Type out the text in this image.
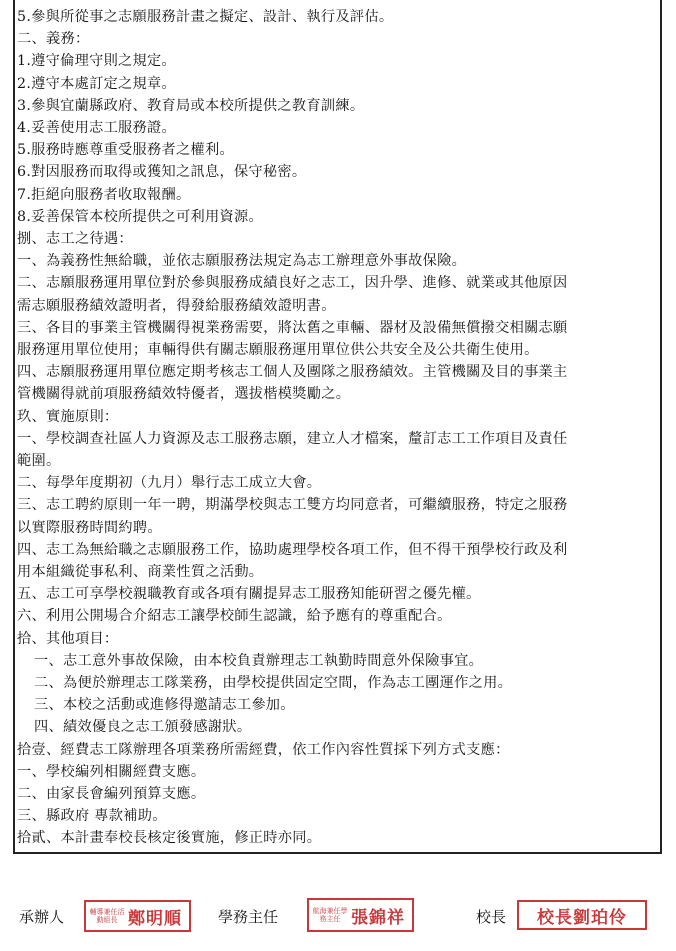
5.參與所從事之志願服務計畫之擬定、設計、執行及評估。
二、義務：
1.遵守倫理守則之規定。
2.遵守本處訂定之規章。
3.參與宜蘭縣政府、教育局或本校所提供之教育訓練。
4.妥善使用志工服務證。
5.服務時應尊重受服務者之權利。
6.對因服務而取得或獲知之訊息，保守秘密。
7.拒絕向服務者收取報酬。
8.妥善保管本校所提供之可利用資源。
捌、志工之待遇：
一、為義務性無給職，並依志願服務法規定為志工辦理意外事故保險。
二、志願服務運用單位對於參與服務成績良好之志工，因升學、進修、就業或其他原因
需志願服務績效證明者，得發給服務績效證明書。
三、各目的事業主管機關得視業務需要，將汰舊之車輛、器材及設備無償撥交相關志願
服務運用單位使用；車輛得供有關志願服務運用單位供公共安全及公共衛生使用。
四、志願服務運用單位應定期考核志工個人及團隊之服務績效。主管機關及目的事業主
管機關得就前項服務績效特優者，選拔楷模獎勵之。
玖、實施原則：
一、學校調查社區人力資源及志工服務志願，建立人才檔案，釐訂志工工作項目及責任
範圍。
二、每學年度期初（九月）舉行志工成立大會。
三、志工聘約原則一年一聘，期滿學校與志工雙方均同意者，可繼續服務，特定之服務
以實際服務時間約聘。
四、志工為無給職之志願服務工作，協助處理學校各項工作，但不得干預學校行政及利
用本組織從事私利、商業性質之活動。
五、志工可享學校親職教育或各項有關提昇志工服務知能研習之優先權。
六、利用公開場合介紹志工讓學校師生認識，給予應有的尊重配合。
拾、其他項目：
一、志工意外事故保險，由本校負責辦理志工執勤時間意外保險事宜。
二、為便於辦理志工隊業務，由學校提供固定空間，作為志工團運作之用。
三、本校之活動或進修得邀請志工參加。
四、績效優良之志工頒發感謝狀。
拾壹、經費志工隊辦理各項業務所需經費，依工作內容性質採下列方式支應：
一、學校編列相關經費支應。
二、由家長會編列預算支應。
三、縣政府 專款補助。
拾貳、本計畫奉校長核定後實施，修正時亦同。
承辦人	輔導兼任活動組長 鄭明順 學務主任	航海兼任學務主任 張錦祥	校長 校長劉珀伶
